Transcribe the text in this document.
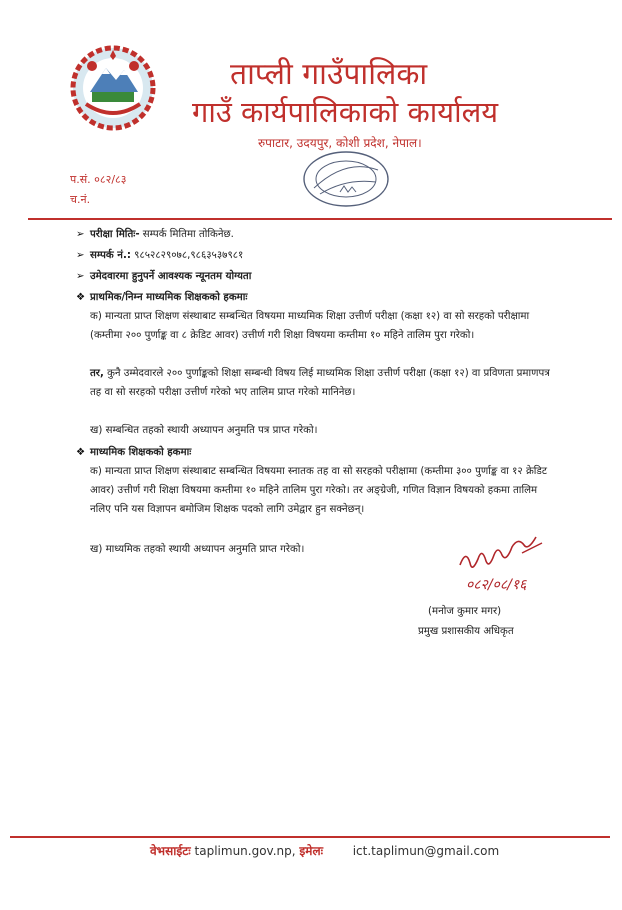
ताप्ली गाउँपालिका
गाउँ कार्यपालिकाको कार्यालय
रुपाटार, उदयपुर, कोशी प्रदेश, नेपाल।
प.सं. ०८२/८३
च.नं.
➢ परीक्षा मितिः- सम्पर्क मितिमा तोकिनेछ.
➢ सम्पर्क नं.: ९८५२८२९०७८,९८६३५३७९८१
➢ उमेदवारमा हुनुपर्ने आवश्यक न्यूनतम योग्यता
❖ प्राथमिक/निम्न माध्यमिक शिक्षकको हकमाः
क) मान्यता प्राप्त शिक्षण संस्थाबाट सम्बन्धित विषयमा माध्यमिक शिक्षा उत्तीर्ण परीक्षा (कक्षा १२) वा सो सरहको परीक्षामा (कम्तीमा २०० पुर्णाङ्क वा ८ क्रेडिट आवर) उत्तीर्ण गरी शिक्षा विषयमा कम्तीमा १० महिने तालिम पुरा गरेको।
तर, कुनै उम्मेदवारले २०० पुर्णाङ्कको शिक्षा सम्बन्धी विषय लिई माध्यमिक शिक्षा उत्तीर्ण परीक्षा (कक्षा १२) वा प्रविणता प्रमाणपत्र तह वा सो सरहको परीक्षा उत्तीर्ण गरेको भए तालिम प्राप्त गरेको मानिनेछ।
ख) सम्बन्धित तहको स्थायी अध्यापन अनुमति पत्र प्राप्त गरेको।
❖ माध्यमिक शिक्षकको हकमाः
क) मान्यता प्राप्त शिक्षण संस्थाबाट सम्बन्धित विषयमा स्नातक तह वा सो सरहको परीक्षामा (कम्तीमा ३०० पुर्णाङ्क वा १२ क्रेडिट आवर) उत्तीर्ण गरी शिक्षा विषयमा कम्तीमा १० महिने तालिम पुरा गरेको। तर अङ्ग्रेजी, गणित विज्ञान विषयको हकमा तालिम नलिए पनि यस विज्ञापन बमोजिम शिक्षक पदको लागि उमेद्वार हुन सक्नेछन्।
ख) माध्यमिक तहको स्थायी अध्यापन अनुमति प्राप्त गरेको।
०८२/०८/१६
(मनोज कुमार मगर)
प्रमुख प्रशासकीय अधिकृत
वेभसाईटः taplimun.gov.np, इमेलः ict.taplimun@gmail.com
